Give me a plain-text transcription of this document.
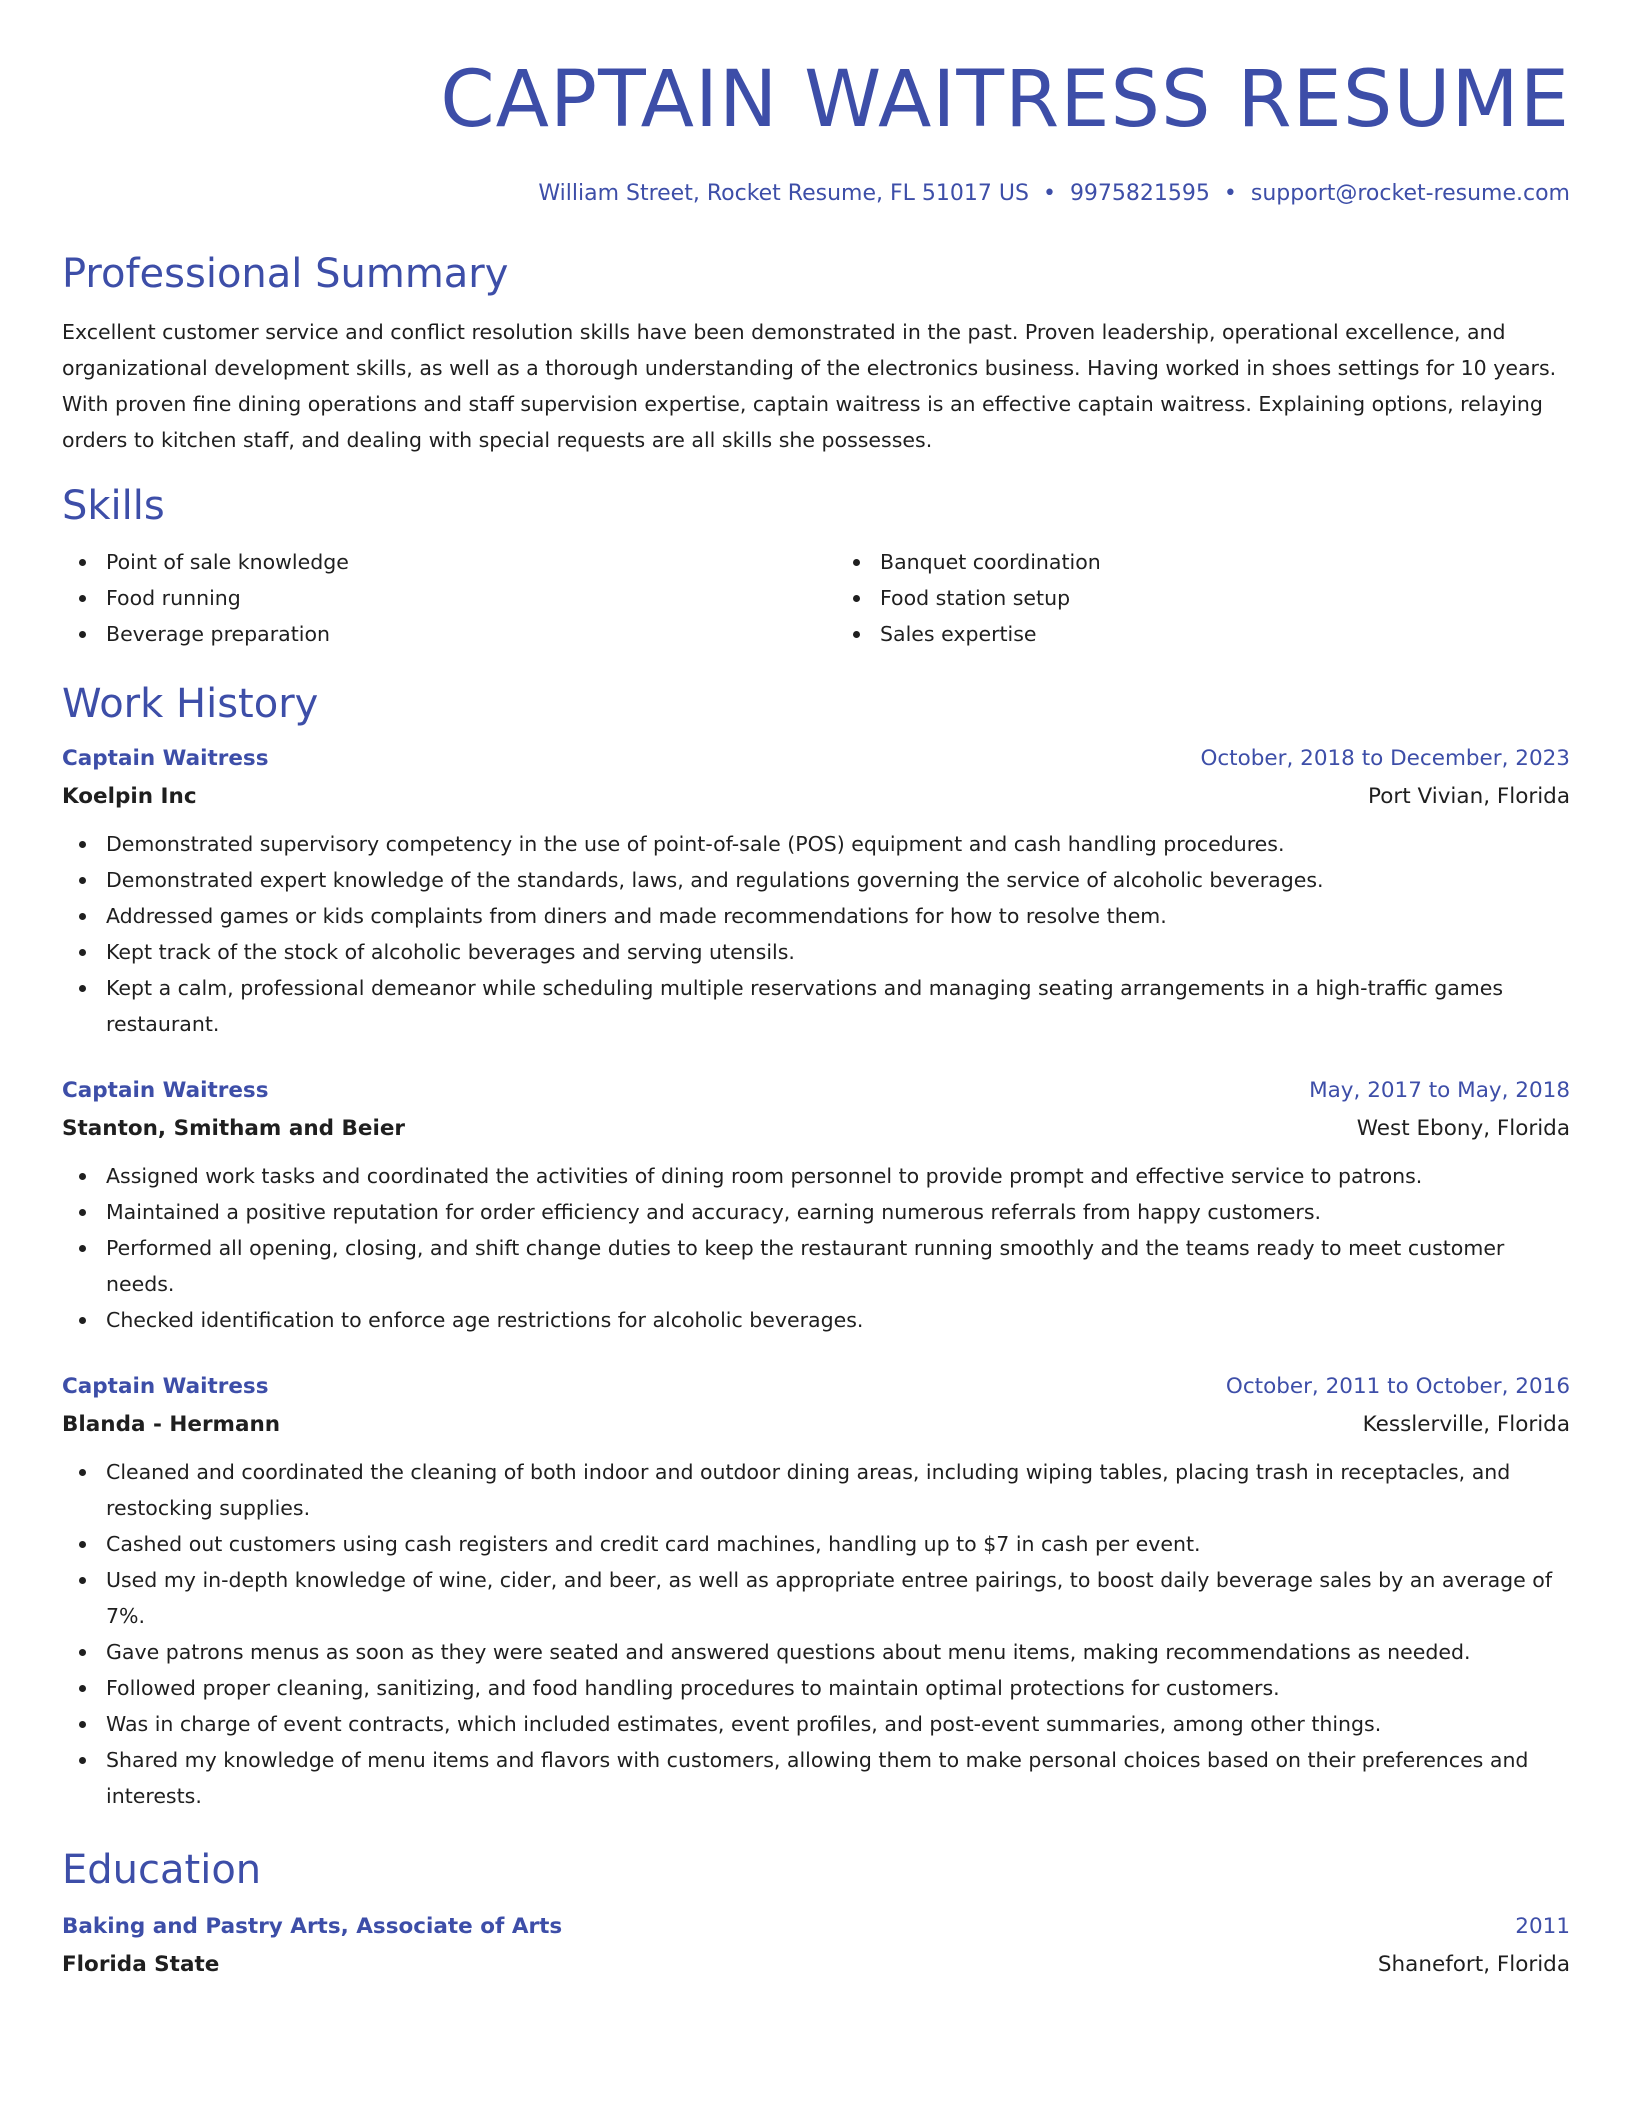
CAPTAIN WAITRESS RESUME
William Street, Rocket Resume, FL 51017 US • 9975821595 • support@rocket-resume.com
Professional Summary

Excellent customer service and conflict resolution skills have been demonstrated in the past. Proven leadership, operational excellence, and organizational development skills, as well as a thorough understanding of the electronics business. Having worked in shoes settings for 10 years. With proven fine dining operations and staff supervision expertise, captain waitress is an effective captain waitress. Explaining options, relaying orders to kitchen staff, and dealing with special requests are all skills she possesses.

Skills
Point of sale knowledge
Food running
Beverage preparation
Banquet coordination
Food station setup
Sales expertise
Work History
Captain Waitress	October, 2018 to December, 2023
Koelpin Inc	Port Vivian, Florida
Demonstrated supervisory competency in the use of point-of-sale (POS) equipment and cash handling procedures.
Demonstrated expert knowledge of the standards, laws, and regulations governing the service of alcoholic beverages.
Addressed games or kids complaints from diners and made recommendations for how to resolve them.
Kept track of the stock of alcoholic beverages and serving utensils.
Kept a calm, professional demeanor while scheduling multiple reservations and managing seating arrangements in a high-traffic games restaurant.
Captain Waitress	May, 2017 to May, 2018
Stanton, Smitham and Beier	West Ebony, Florida
Assigned work tasks and coordinated the activities of dining room personnel to provide prompt and effective service to patrons.
Maintained a positive reputation for order efficiency and accuracy, earning numerous referrals from happy customers.
Performed all opening, closing, and shift change duties to keep the restaurant running smoothly and the teams ready to meet customer needs.
Checked identification to enforce age restrictions for alcoholic beverages.
Captain Waitress	October, 2011 to October, 2016
Blanda - Hermann	Kesslerville, Florida
Cleaned and coordinated the cleaning of both indoor and outdoor dining areas, including wiping tables, placing trash in receptacles, and restocking supplies.
Cashed out customers using cash registers and credit card machines, handling up to $7 in cash per event.
Used my in-depth knowledge of wine, cider, and beer, as well as appropriate entree pairings, to boost daily beverage sales by an average of 7%.
Gave patrons menus as soon as they were seated and answered questions about menu items, making recommendations as needed.
Followed proper cleaning, sanitizing, and food handling procedures to maintain optimal protections for customers.
Was in charge of event contracts, which included estimates, event profiles, and post-event summaries, among other things.
Shared my knowledge of menu items and flavors with customers, allowing them to make personal choices based on their preferences and interests.
Education
Baking and Pastry Arts, Associate of Arts	2011
Florida State	Shanefort, Florida
